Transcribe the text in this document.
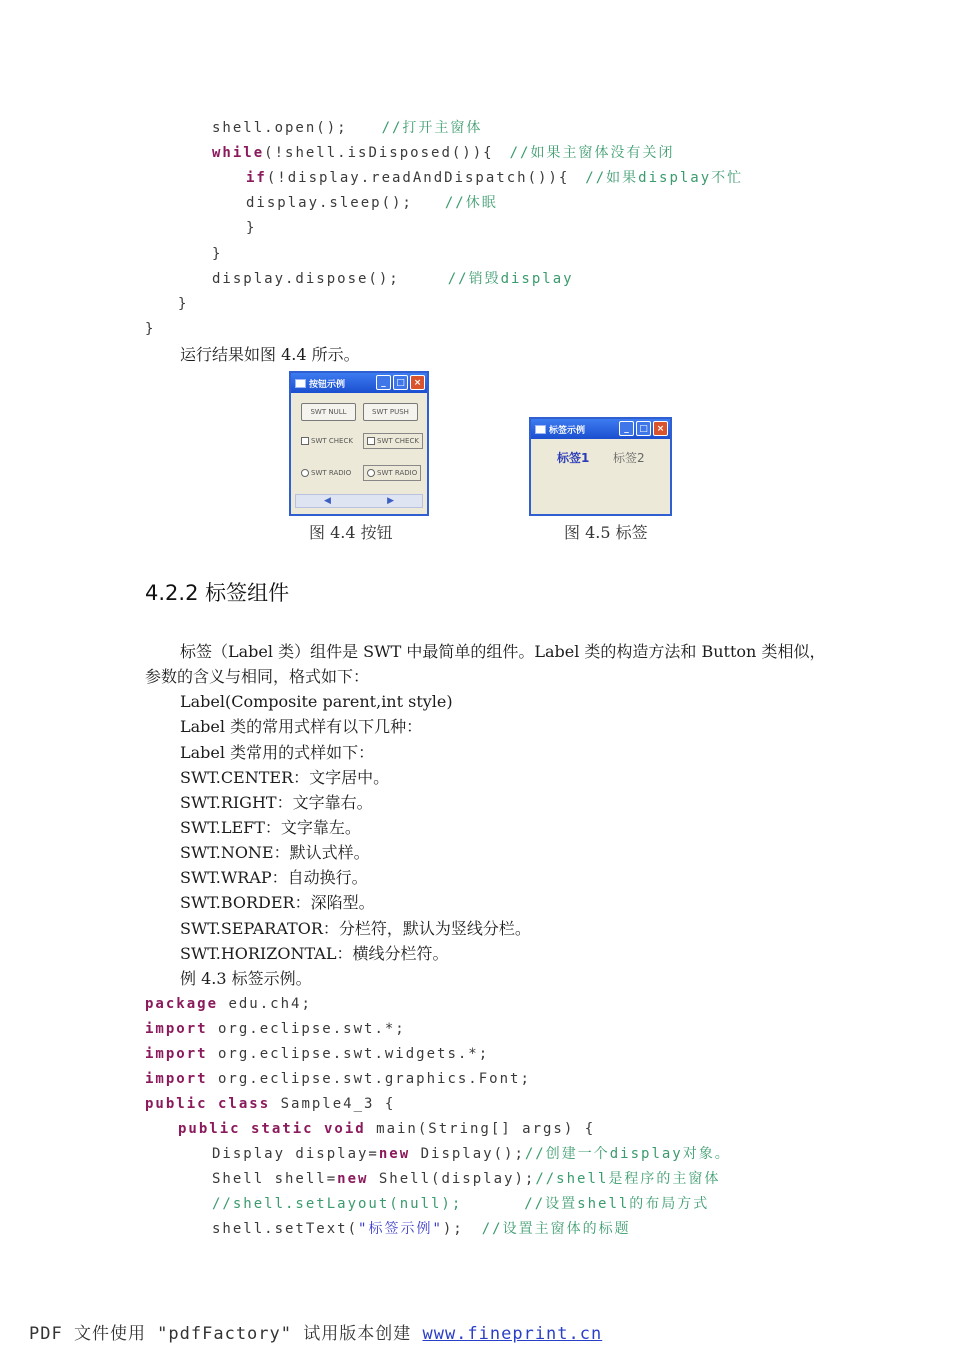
shell.open(); //打开主窗体
while(!shell.isDisposed()){ //如果主窗体没有关闭
if(!display.readAndDispatch()){ //如果display不忙
display.sleep(); //休眠
}
}
display.dispose();	//销毁display
}
}
运行结果如图 4.4 所示。
按钮示例	_	□ ×
SWT NULL	SWT PUSH
SWT CHECK	SWT CHECK
SWT RADIO	SWT RADIO
◀	▶
图 4.4 按钮
标签示例	_	□ ×
标签1 标签2
图 4.5 标签
4.2.2 标签组件
标签（Label 类）组件是 SWT 中最简单的组件。Label 类的构造方法和 Button 类相似，
参数的含义与相同，格式如下：
Label(Composite parent,int style)
Label 类的常用式样有以下几种：
Label 类常用的式样如下：
SWT.CENTER：文字居中。
SWT.RIGHT：文字靠右。
SWT.LEFT：文字靠左。
SWT.NONE：默认式样。
SWT.WRAP：自动换行。
SWT.BORDER：深陷型。
SWT.SEPARATOR：分栏符，默认为竖线分栏。
SWT.HORIZONTAL：横线分栏符。
例 4.3 标签示例。
package edu.ch4;
import org.eclipse.swt.*;
import org.eclipse.swt.widgets.*;
import org.eclipse.swt.graphics.Font;
public class Sample4_3 {
public static void main(String[] args) {
Display display=new Display();//创建一个display对象。
Shell shell=new Shell(display);//shell是程序的主窗体
//shell.setLayout(null);	//设置shell的布局方式
shell.setText("标签示例"); //设置主窗体的标题
PDF 文件使用 "pdfFactory" 试用版本创建 www.fineprint.cn
